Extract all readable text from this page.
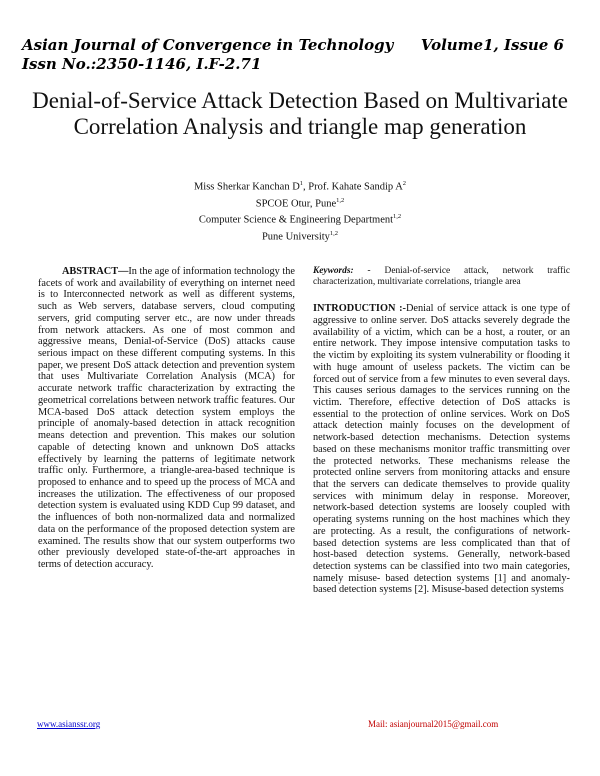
Asian Journal of Convergence in Technology Volume1, Issue 6
Issn No.:2350-1146, I.F-2.71
Denial-of-Service Attack Detection Based on Multivariate Correlation Analysis and triangle map generation
Miss Sherkar Kanchan $D^1$, Prof. Kahate Sandip $A^2$
SPCOE Otur, Pune$^{1,2}$
Computer Science & Engineering Department$^{1,2}$
Pune University$^{1,2}$

ABSTRACT—In the age of information technology the facets of work and availability of everything on internet need is to Interconnected network as well as different systems, such as Web servers, database servers, cloud computing servers, grid computing server etc., are now under threads from network attackers. As one of most common and aggressive means, Denial-of-Service (DoS) attacks cause serious impact on these different computing systems. In this paper, we present DoS attack detection and prevention system that uses Multivariate Correlation Analysis (MCA) for accurate network traffic characterization by extracting the geometrical correlations between network traffic features. Our MCA-based DoS attack detection system employs the principle of anomaly-based detection in attack recognition means detection and prevention. This makes our solution capable of detecting known and unknown DoS attacks effectively by learning the patterns of legitimate network traffic only. Furthermore, a triangle-area-based technique is proposed to enhance and to speed up the process of MCA and increases the utilization. The effectiveness of our proposed detection system is evaluated using KDD Cup 99 dataset, and the influences of both non-normalized data and normalized data on the performance of the proposed detection system are examined. The results show that our system outperforms two other previously developed state-of-the-art approaches in terms of detection accuracy.

Keywords: - Denial-of-service attack, network traffic characterization, multivariate correlations, triangle area

INTRODUCTION :-Denial of service attack is one type of aggressive to online server. DoS attacks severely degrade the availability of a victim, which can be a host, a router, or an entire network. They impose intensive computation tasks to the victim by exploiting its system vulnerability or flooding it with huge amount of useless packets. The victim can be forced out of service from a few minutes to even several days. This causes serious damages to the services running on the victim. Therefore, effective detection of DoS attacks is essential to the protection of online services. Work on DoS attack detection mainly focuses on the development of network-based detection mechanisms. Detection systems based on these mechanisms monitor traffic transmitting over the protected networks. These mechanisms release the protected online servers from monitoring attacks and ensure that the servers can dedicate themselves to provide quality services with minimum delay in response. Moreover, network-based detection systems are loosely coupled with operating systems running on the host machines which they are protecting. As a result, the configurations of network- based detection systems are less complicated than that of host-based detection systems. Generally, network-based detection systems can be classified into two main categories, namely misuse- based detection systems [1] and anomaly-based detection systems [2]. Misuse-based detection systems

www.asianssr.org	Mail: asianjournal2015@gmail.com
